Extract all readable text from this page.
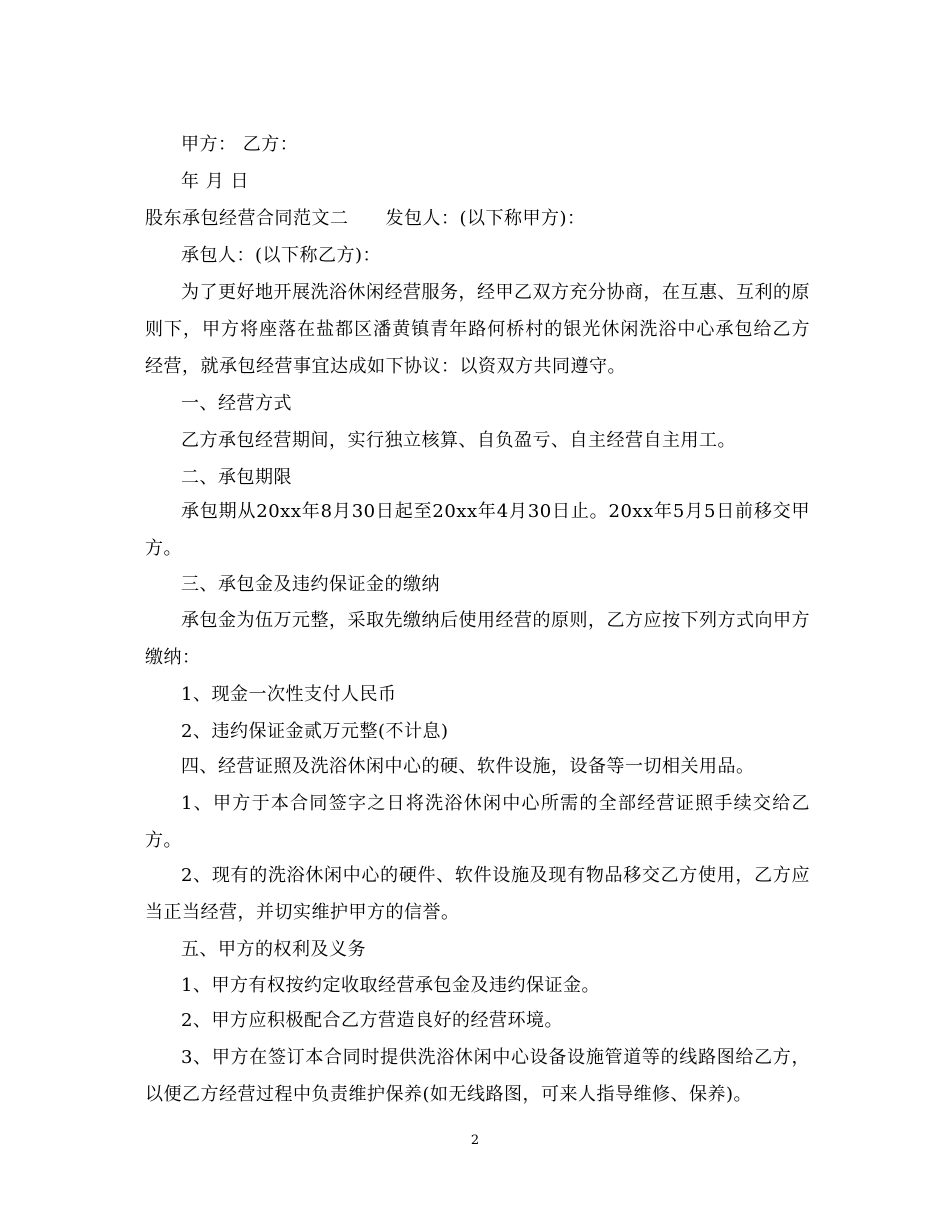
甲方： 乙方：
年 月 日
股东承包经营合同范文二　　发包人：(以下称甲方)：
承包人：(以下称乙方)：
为了更好地开展洗浴休闲经营服务，经甲乙双方充分协商，在互惠、互利的原则下，甲方将座落在盐都区潘黄镇青年路何桥村的银光休闲洗浴中心承包给乙方经营，就承包经营事宜达成如下协议：以资双方共同遵守。
一、经营方式
乙方承包经营期间，实行独立核算、自负盈亏、自主经营自主用工。
二、承包期限
承包期从20xx年8月30日起至20xx年4月30日止。20xx年5月5日前移交甲方。
三、承包金及违约保证金的缴纳
承包金为伍万元整，采取先缴纳后使用经营的原则，乙方应按下列方式向甲方缴纳：
1、现金一次性支付人民币
2、违约保证金贰万元整(不计息)
四、经营证照及洗浴休闲中心的硬、软件设施，设备等一切相关用品。
1、甲方于本合同签字之日将洗浴休闲中心所需的全部经营证照手续交给乙方。
2、现有的洗浴休闲中心的硬件、软件设施及现有物品移交乙方使用，乙方应当正当经营，并切实维护甲方的信誉。
五、甲方的权利及义务
1、甲方有权按约定收取经营承包金及违约保证金。
2、甲方应积极配合乙方营造良好的经营环境。
3、甲方在签订本合同时提供洗浴休闲中心设备设施管道等的线路图给乙方，以便乙方经营过程中负责维护保养(如无线路图，可来人指导维修、保养)。
2
